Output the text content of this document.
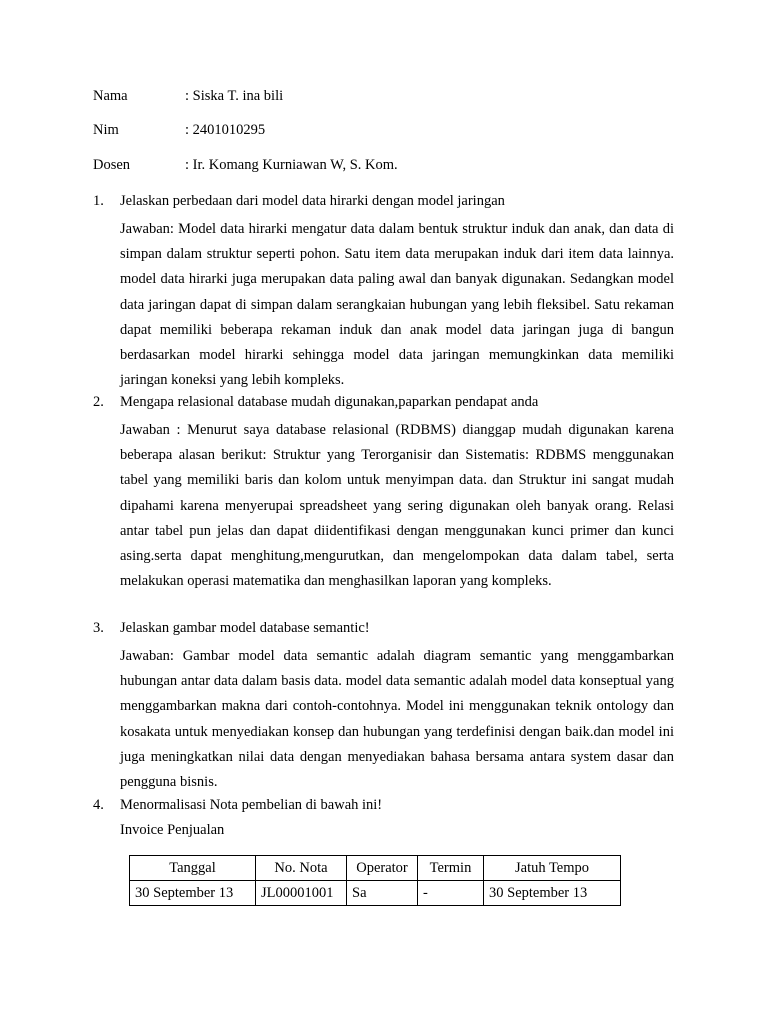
Nama	: Siska T. ina bili
Nim	: 2401010295
Dosen	: Ir. Komang Kurniawan W, S. Kom.
1. Jelaskan perbedaan dari model data hirarki dengan model jaringan

Jawaban: Model data hirarki mengatur data dalam bentuk struktur induk dan anak, dan data di simpan dalam struktur seperti pohon. Satu item data merupakan induk dari item data lainnya. model data hirarki juga merupakan data paling awal dan banyak digunakan. Sedangkan model data jaringan dapat di simpan dalam serangkaian hubungan yang lebih fleksibel. Satu rekaman dapat memiliki beberapa rekaman induk dan anak model data jaringan juga di bangun berdasarkan model hirarki sehingga model data jaringan memungkinkan data memiliki jaringan koneksi yang lebih kompleks.

2. Mengapa relasional database mudah digunakan,paparkan pendapat anda

Jawaban : Menurut saya database relasional (RDBMS) dianggap mudah digunakan karena beberapa alasan berikut: Struktur yang Terorganisir dan Sistematis: RDBMS menggunakan tabel yang memiliki baris dan kolom untuk menyimpan data. dan Struktur ini sangat mudah dipahami karena menyerupai spreadsheet yang sering digunakan oleh banyak orang. Relasi antar tabel pun jelas dan dapat diidentifikasi dengan menggunakan kunci primer dan kunci asing.serta dapat menghitung,mengurutkan, dan mengelompokan data dalam tabel, serta melakukan operasi matematika dan menghasilkan laporan yang kompleks.

3. Jelaskan gambar model database semantic!

Jawaban: Gambar model data semantic adalah diagram semantic yang menggambarkan hubungan antar data dalam basis data. model data semantic adalah model data konseptual yang menggambarkan makna dari contoh-contohnya. Model ini menggunakan teknik ontology dan kosakata untuk menyediakan konsep dan hubungan yang terdefinisi dengan baik.dan model ini juga meningkatkan nilai data dengan menyediakan bahasa bersama antara system dasar dan pengguna bisnis.

4. Menormalisasi Nota pembelian di bawah ini!
Invoice Penjualan
Tanggal	No. Nota	Operator	Termin	Jatuh Tempo
30 September 13	JL00001001	Sa	-	30 September 13
